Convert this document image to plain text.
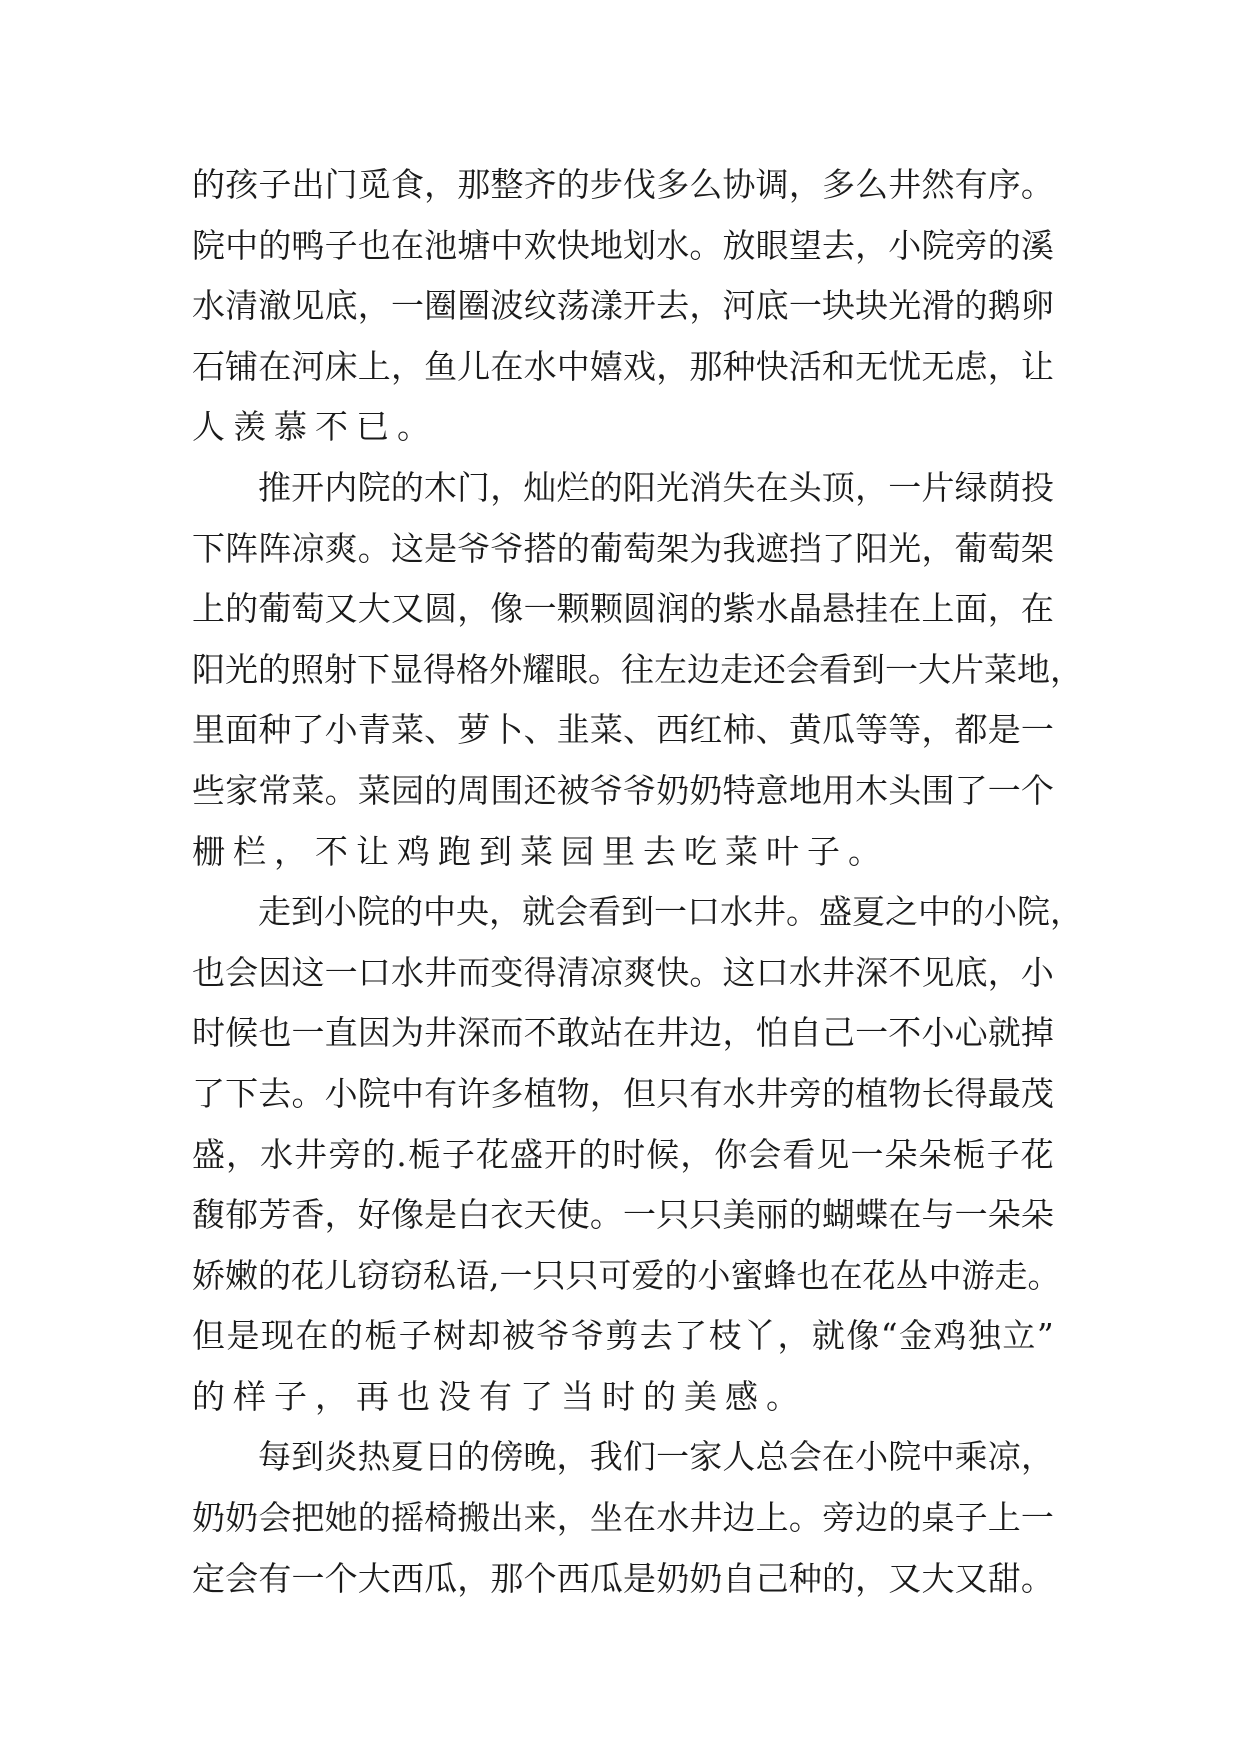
的 孩 子 出 门 觅 食 ， 那 整 齐 的 步 伐 多 么 协 调 ， 多 么 井 然 有 序 。
院 中 的 鸭 子 也 在 池 塘 中 欢 快 地 划 水 。 放 眼 望 去 ， 小 院 旁 的 溪
水 清 澈 见 底 ， 一 圈 圈 波 纹 荡 漾 开 去 ， 河 底 一 块 块 光 滑 的 鹅 卵
石 铺 在 河 床 上 ， 鱼 儿 在 水 中 嬉 戏 ， 那 种 快 活 和 无 忧 无 虑 ， 让
人羡慕不已。
推 开 内 院 的 木 门 ， 灿 烂 的 阳 光 消 失 在 头 顶 ， 一 片 绿 荫 投
下 阵 阵 凉 爽 。 这 是 爷 爷 搭 的 葡 萄 架 为 我 遮 挡 了 阳 光 ， 葡 萄 架
上 的 葡 萄 又 大 又 圆 ， 像 一 颗 颗 圆 润 的 紫 水 晶 悬 挂 在 上 面 ， 在
阳 光 的 照 射 下 显 得 格 外 耀 眼 。 往 左 边 走 还 会 看 到 一 大 片 菜 地 ，
里 面 种 了 小 青 菜 、 萝 卜 、 韭 菜 、 西 红 柿 、 黄 瓜 等 等 ， 都 是 一
些 家 常 菜 。 菜 园 的 周 围 还 被 爷 爷 奶 奶 特 意 地 用 木 头 围 了 一 个
栅栏，不让鸡跑到菜园里去吃菜叶子。
走 到 小 院 的 中 央 ， 就 会 看 到 一 口 水 井 。 盛 夏 之 中 的 小 院 ，
也 会 因 这 一 口 水 井 而 变 得 清 凉 爽 快 。 这 口 水 井 深 不 见 底 ， 小
时 候 也 一 直 因 为 井 深 而 不 敢 站 在 井 边 ， 怕 自 己 一 不 小 心 就 掉
了 下 去 。 小 院 中 有 许 多 植 物 ， 但 只 有 水 井 旁 的 植 物 长 得 最 茂
盛 ， 水 井 旁 的 . 栀 子 花 盛 开 的 时 候 ， 你 会 看 见 一 朵 朵 栀 子 花
馥 郁 芳 香 ， 好 像 是 白 衣 天 使 。 一 只 只 美 丽 的 蝴 蝶 在 与 一 朵 朵
娇 嫩 的 花 儿 窃 窃 私 语 , 一 只 只 可 爱 的 小 蜜 蜂 也 在 花 丛 中 游 走 。
但 是 现 在 的 栀 子 树 却 被 爷 爷 剪 去 了 枝 丫 ， 就 像 “ 金 鸡 独 立 ”
的样子，再也没有了当时的美感。
每 到 炎 热 夏 日 的 傍 晚 ， 我 们 一 家 人 总 会 在 小 院 中 乘 凉 ，
奶 奶 会 把 她 的 摇 椅 搬 出 来 ， 坐 在 水 井 边 上 。 旁 边 的 桌 子 上 一
定 会 有 一 个 大 西 瓜 ， 那 个 西 瓜 是 奶 奶 自 己 种 的 ， 又 大 又 甜 。
